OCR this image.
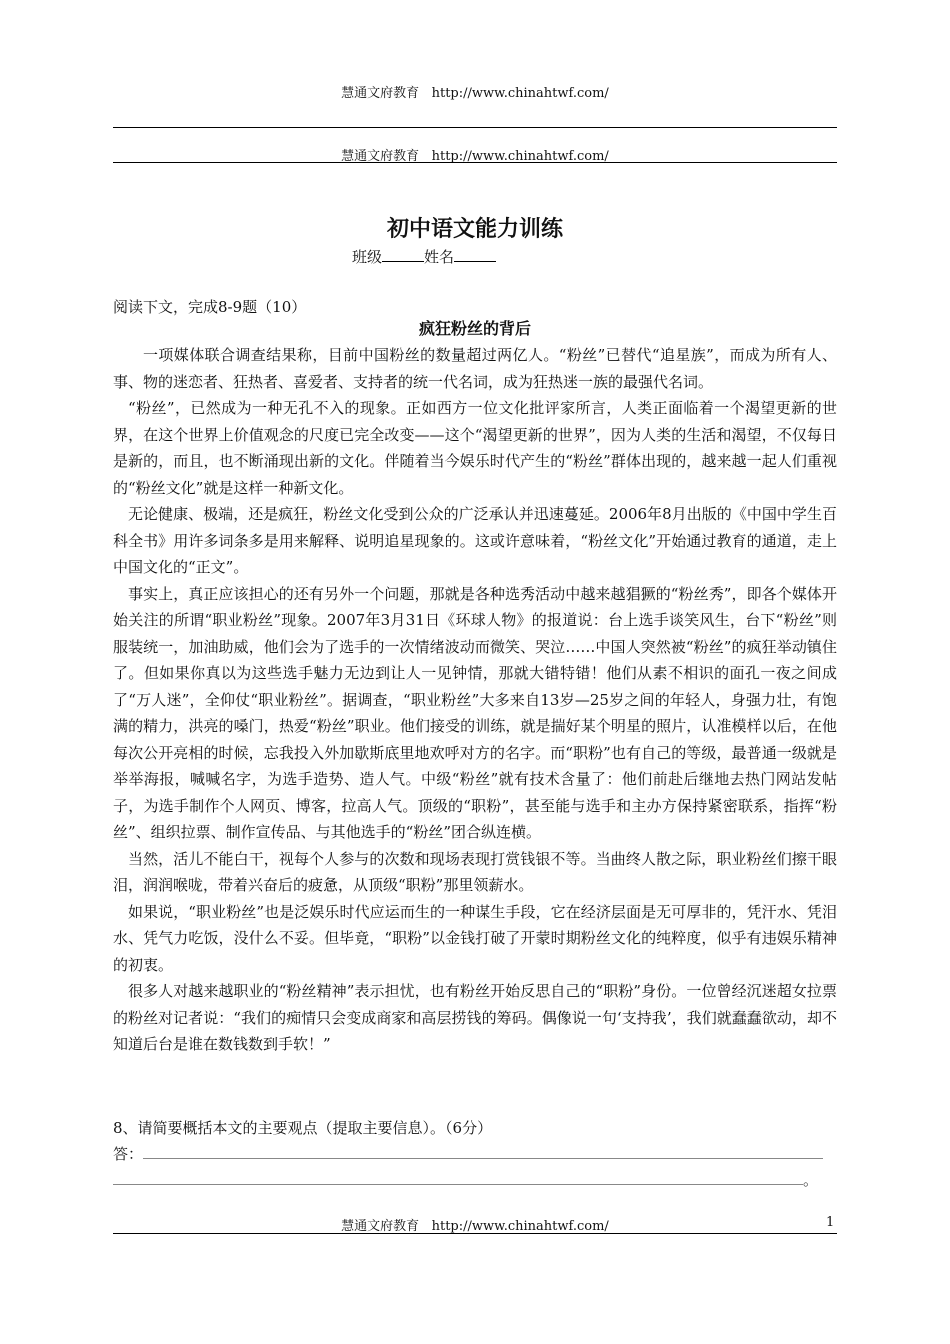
慧通文府教育 http://www.chinahtwf.com/
慧通文府教育 http://www.chinahtwf.com/
初中语文能力训练
班级	姓名
阅读下文，完成8-9题（10）
疯狂粉丝的背后

一项媒体联合调查结果称，目前中国粉丝的数量超过两亿人。“粉丝”已替代“追星族”，而成为所有人、事、物的迷恋者、狂热者、喜爱者、支持者的统一代名词，成为狂热迷一族的最强代名词。

“粉丝”，已然成为一种无孔不入的现象。正如西方一位文化批评家所言，人类正面临着一个渴望更新的世界，在这个世界上价值观念的尺度已完全改变——这个“渴望更新的世界”，因为人类的生活和渴望，不仅每日是新的，而且，也不断涌现出新的文化。伴随着当今娱乐时代产生的“粉丝”群体出现的，越来越一起人们重视的“粉丝文化”就是这样一种新文化。

无论健康、极端，还是疯狂，粉丝文化受到公众的广泛承认并迅速蔓延。2006年8月出版的《中国中学生百科全书》用许多词条多是用来解释、说明追星现象的。这或许意味着，“粉丝文化”开始通过教育的通道，走上中国文化的“正文”。

事实上，真正应该担心的还有另外一个问题，那就是各种选秀活动中越来越猖獗的“粉丝秀”，即各个媒体开始关注的所谓“职业粉丝”现象。2007年3月31日《环球人物》的报道说：台上选手谈笑风生，台下“粉丝”则服装统一，加油助威，他们会为了选手的一次情绪波动而微笑、哭泣……中国人突然被“粉丝”的疯狂举动镇住了。但如果你真以为这些选手魅力无边到让人一见钟情，那就大错特错！他们从素不相识的面孔一夜之间成了“万人迷”，全仰仗“职业粉丝”。据调查，“职业粉丝”大多来自13岁—25岁之间的年轻人，身强力壮，有饱满的精力，洪亮的嗓门，热爱“粉丝”职业。他们接受的训练，就是揣好某个明星的照片，认准模样以后，在他每次公开亮相的时候，忘我投入外加歇斯底里地欢呼对方的名字。而“职粉”也有自己的等级，最普通一级就是举举海报，喊喊名字，为选手造势、造人气。中级“粉丝”就有技术含量了：他们前赴后继地去热门网站发帖子，为选手制作个人网页、博客，拉高人气。顶级的“职粉”，甚至能与选手和主办方保持紧密联系，指挥“粉丝”、组织拉票、制作宣传品、与其他选手的“粉丝”团合纵连横。

当然，活儿不能白干，视每个人参与的次数和现场表现打赏钱银不等。当曲终人散之际，职业粉丝们擦干眼泪，润润喉咙，带着兴奋后的疲惫，从顶级“职粉”那里领薪水。

如果说，“职业粉丝”也是泛娱乐时代应运而生的一种谋生手段，它在经济层面是无可厚非的，凭汗水、凭泪水、凭气力吃饭，没什么不妥。但毕竟，“职粉”以金钱打破了开蒙时期粉丝文化的纯粹度，似乎有违娱乐精神的初衷。

很多人对越来越职业的“粉丝精神”表示担忧，也有粉丝开始反思自己的“职粉”身份。一位曾经沉迷超女拉票的粉丝对记者说：“我们的痴情只会变成商家和高层捞钱的筹码。偶像说一句‘支持我’，我们就蠢蠢欲动，却不知道后台是谁在数钱数到手软！”

8、请简要概括本文的主要观点（提取主要信息）。（6分）
答：
。
慧通文府教育 http://www.chinahtwf.com/	1
